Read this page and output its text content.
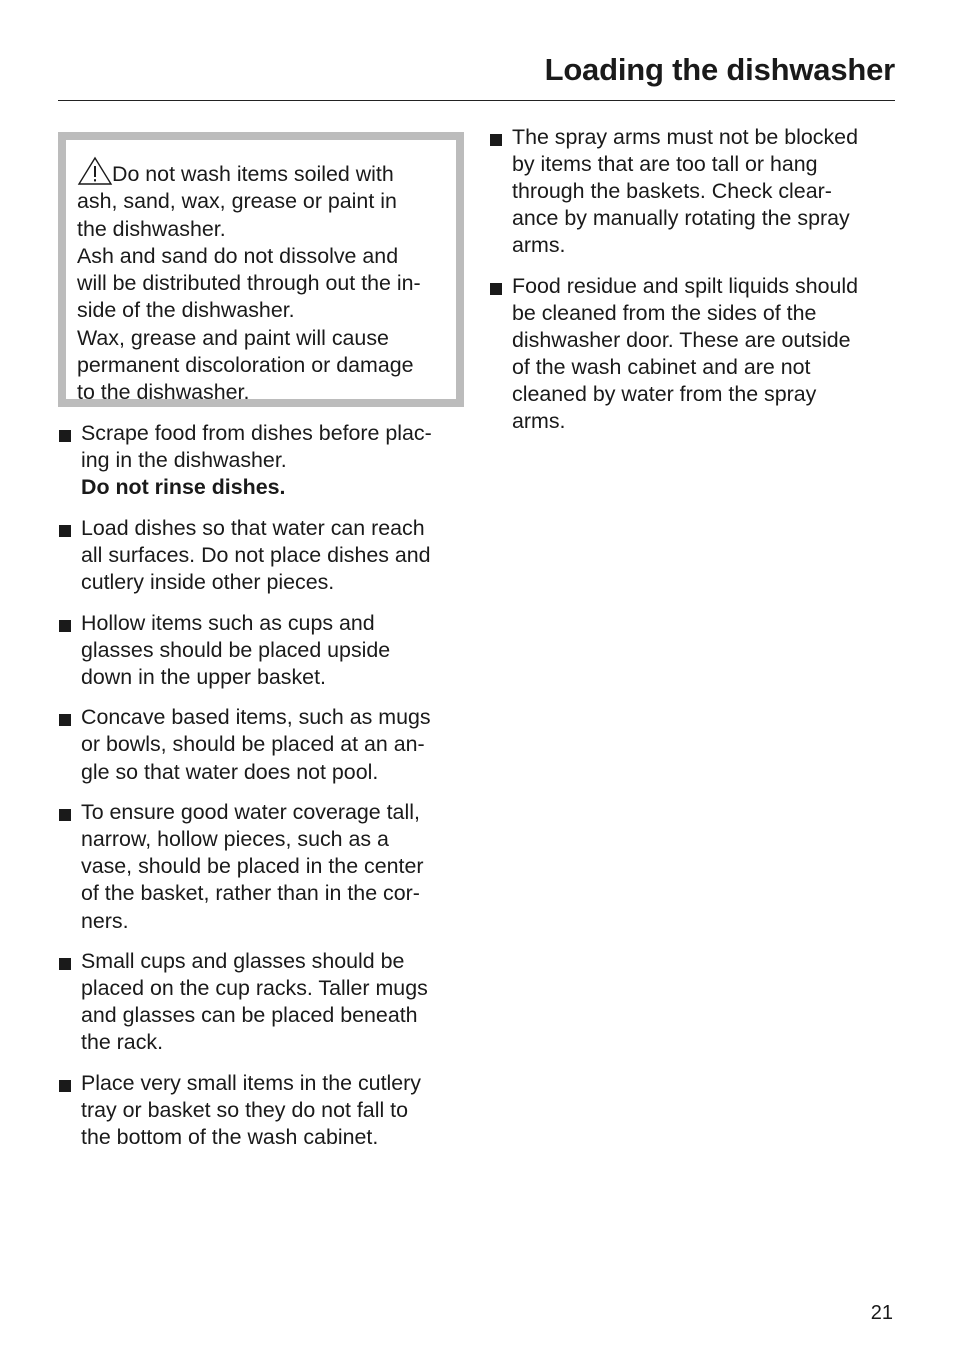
Loading the dishwasher
Do not wash items soiled with
ash, sand, wax, grease or paint in
the dishwasher.
Ash and sand do not dissolve and
will be distributed through out the in-
side of the dishwasher.
Wax, grease and paint will cause
permanent discoloration or damage
to the dishwasher.
Scrape food from dishes before plac-
ing in the dishwasher.
Do not rinse dishes.
Load dishes so that water can reach
all surfaces. Do not place dishes and
cutlery inside other pieces.
Hollow items such as cups and
glasses should be placed upside
down in the upper basket.
Concave based items, such as mugs
or bowls, should be placed at an an-
gle so that water does not pool.
To ensure good water coverage tall,
narrow, hollow pieces, such as a
vase, should be placed in the center
of the basket, rather than in the cor-
ners.
Small cups and glasses should be
placed on the cup racks. Taller mugs
and glasses can be placed beneath
the rack.
Place very small items in the cutlery
tray or basket so they do not fall to
the bottom of the wash cabinet.
The spray arms must not be blocked
by items that are too tall or hang
through the baskets. Check clear-
ance by manually rotating the spray
arms.
Food residue and spilt liquids should
be cleaned from the sides of the
dishwasher door. These are outside
of the wash cabinet and are not
cleaned by water from the spray
arms.
21
